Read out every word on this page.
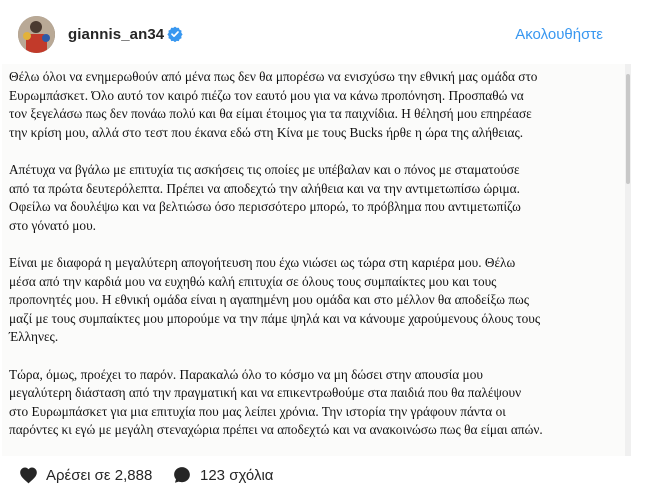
giannis_an34	Ακολουθήστε
Θέλω όλοι να ενημερωθούν από μένα πως δεν θα μπορέσω να ενισχύσω την εθνική μας ομάδα στο
Ευρωμπάσκετ. Όλο αυτό τον καιρό πιέζω τον εαυτό μου για να κάνω προπόνηση. Προσπαθώ να
τον ξεγελάσω πως δεν πονάω πολύ και θα είμαι έτοιμος για τα παιχνίδια. Η θέλησή μου επηρέασε
την κρίση μου, αλλά στο τεστ που έκανα εδώ στη Κίνα με τους Bucks ήρθε η ώρα της αλήθειας.
Απέτυχα να βγάλω με επιτυχία τις ασκήσεις τις οποίες με υπέβαλαν και ο πόνος με σταματούσε
από τα πρώτα δευτερόλεπτα. Πρέπει να αποδεχτώ την αλήθεια και να την αντιμετωπίσω ώριμα.
Οφείλω να δουλέψω και να βελτιώσω όσο περισσότερο μπορώ, το πρόβλημα που αντιμετωπίζω
στο γόνατό μου.
Είναι με διαφορά η μεγαλύτερη απογοήτευση που έχω νιώσει ως τώρα στη καριέρα μου. Θέλω
μέσα από την καρδιά μου να ευχηθώ καλή επιτυχία σε όλους τους συμπαίκτες μου και τους
προπονητές μου. Η εθνική ομάδα είναι η αγαπημένη μου ομάδα και στο μέλλον θα αποδείξω πως
μαζί με τους συμπαίκτες μου μπορούμε να την πάμε ψηλά και να κάνουμε χαρούμενους όλους τους
Έλληνες.
Τώρα, όμως, προέχει το παρόν. Παρακαλώ όλο το κόσμο να μη δώσει στην απουσία μου
μεγαλύτερη διάσταση από την πραγματική και να επικεντρωθούμε στα παιδιά που θα παλέψουν
στο Ευρωμπάσκετ για μια επιτυχία που μας λείπει χρόνια. Την ιστορία την γράφουν πάντα οι
παρόντες κι εγώ με μεγάλη στεναχώρια πρέπει να αποδεχτώ και να ανακοινώσω πως θα είμαι απών.
Αρέσει σε 2,888	123 σχόλια
